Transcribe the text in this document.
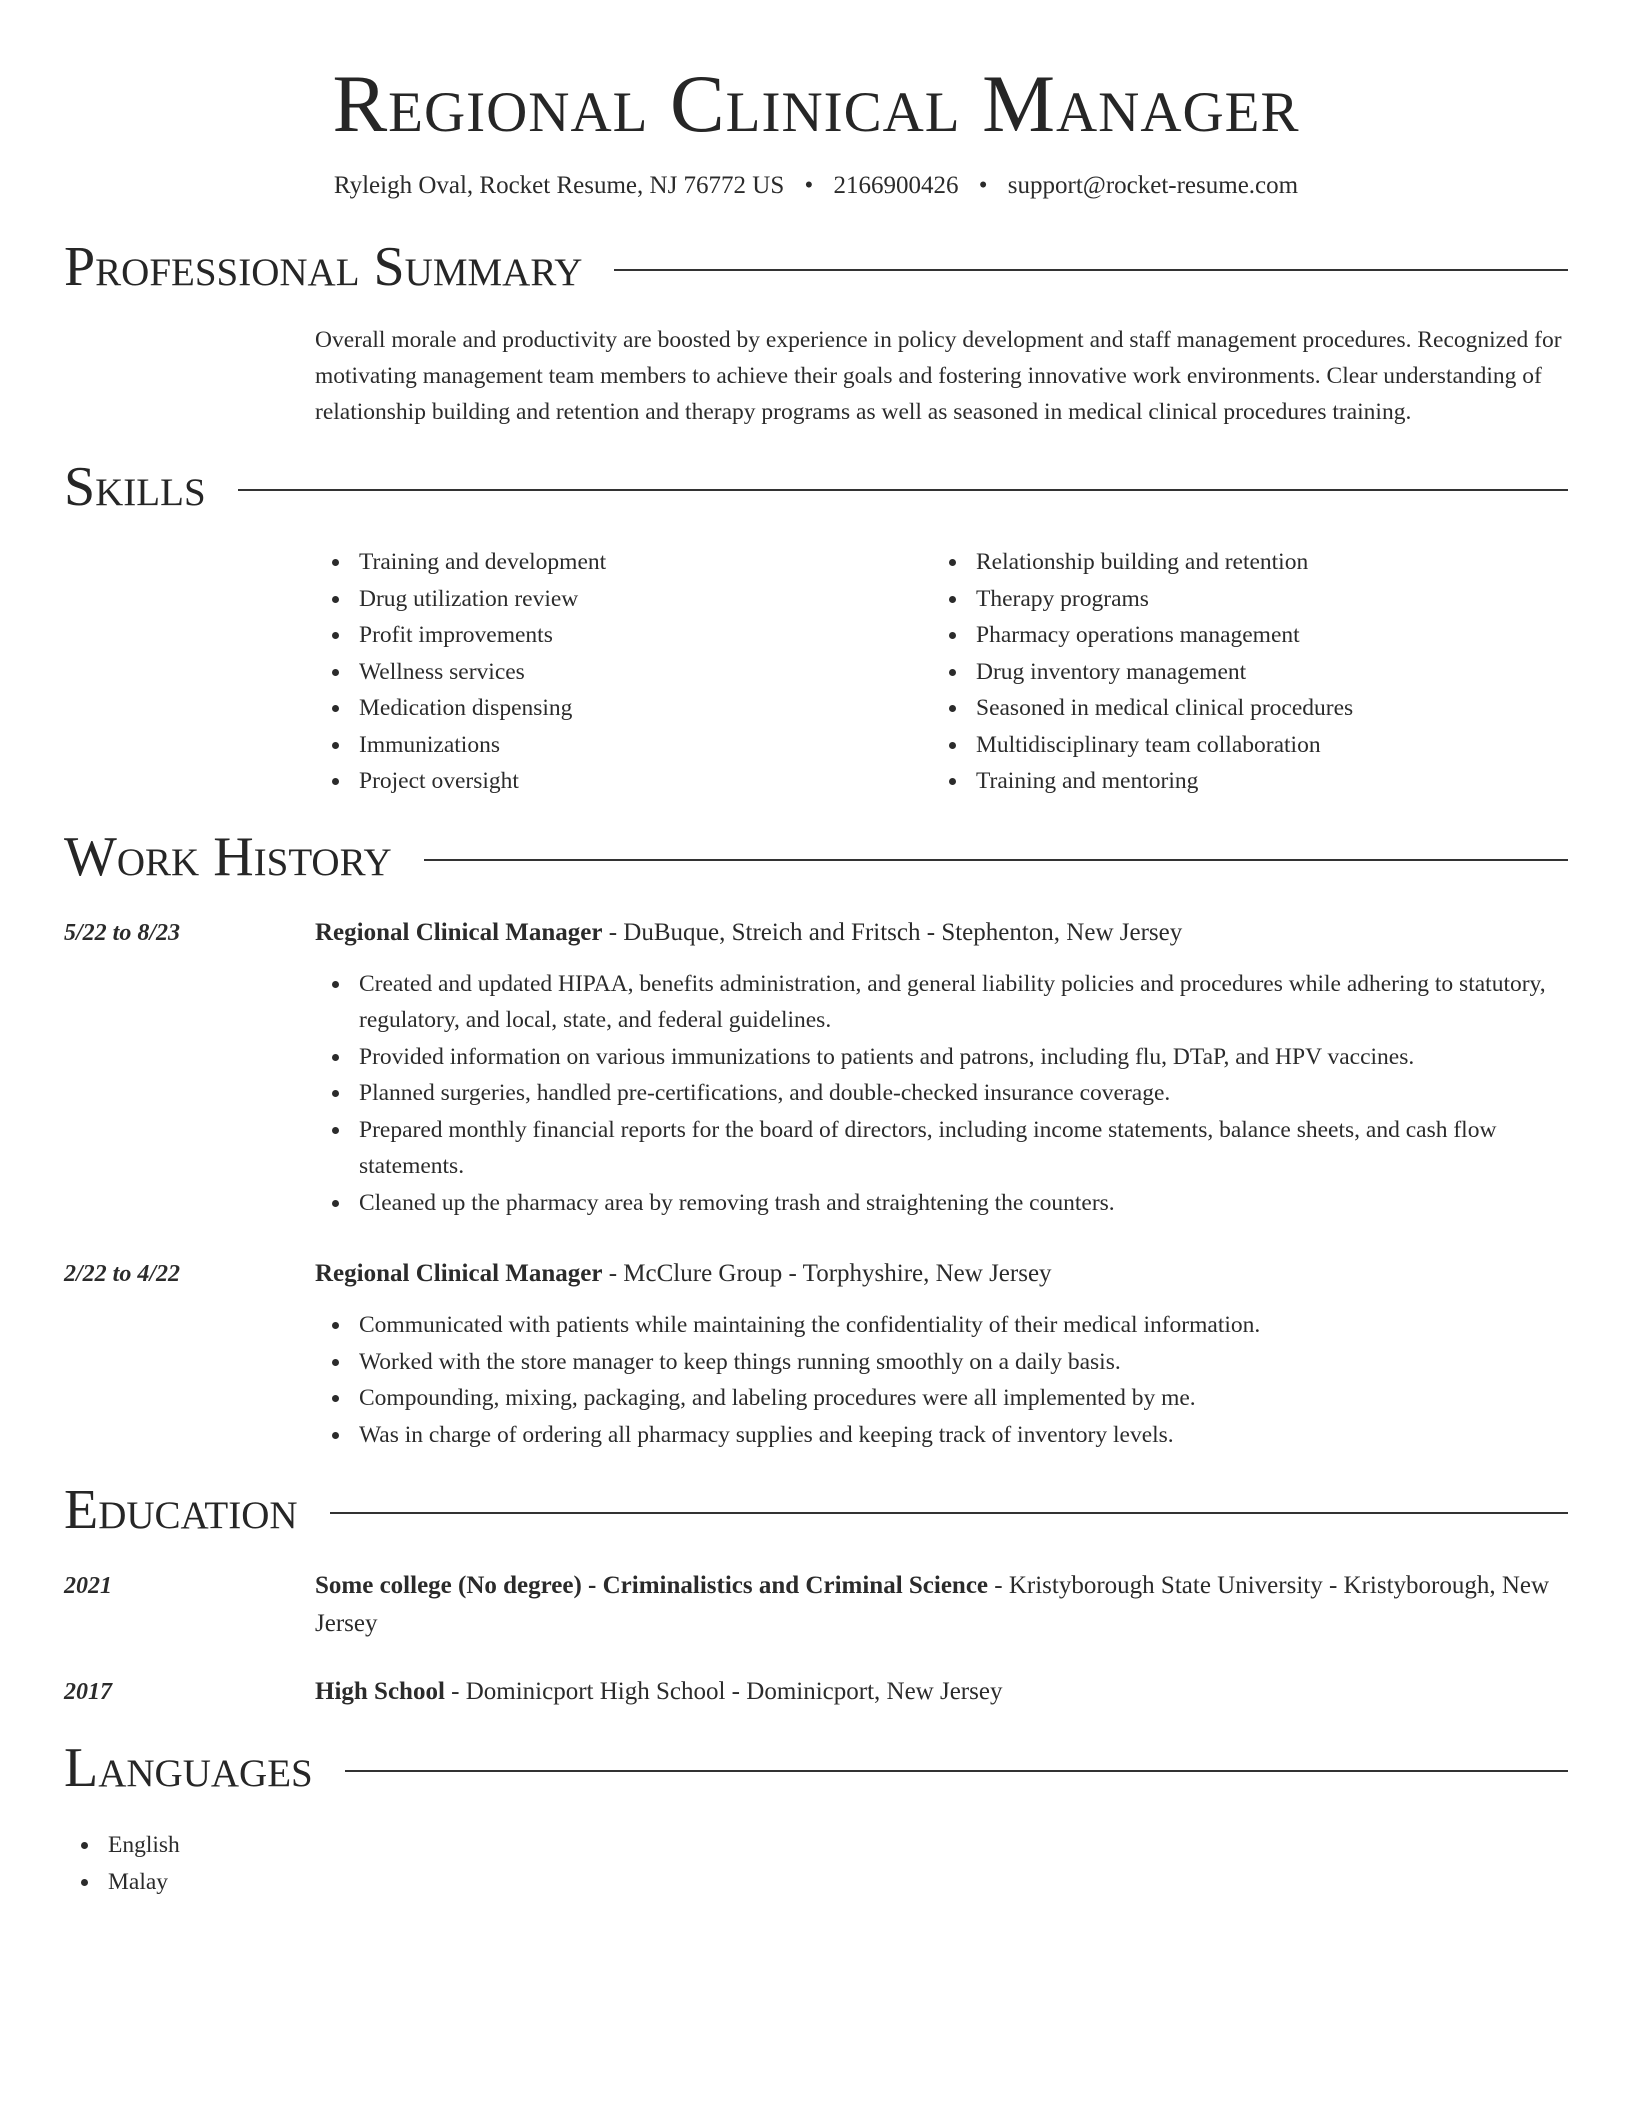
Regional Clinical Manager
Ryleigh Oval, Rocket Resume, NJ 76772 US • 2166900426 • support@rocket-resume.com
Professional Summary
Overall morale and productivity are boosted by experience in policy development and staff management procedures. Recognized for motivating management team members to achieve their goals and fostering innovative work environments. Clear understanding of relationship building and retention and therapy programs as well as seasoned in medical clinical procedures training.
Skills
Training and development
Drug utilization review
Profit improvements
Wellness services
Medication dispensing
Immunizations
Project oversight
Relationship building and retention
Therapy programs
Pharmacy operations management
Drug inventory management
Seasoned in medical clinical procedures
Multidisciplinary team collaboration
Training and mentoring
Work History
5/22 to 8/23	Regional Clinical Manager - DuBuque, Streich and Fritsch - Stephenton, New Jersey
Created and updated HIPAA, benefits administration, and general liability policies and procedures while adhering to statutory, regulatory, and local, state, and federal guidelines.
Provided information on various immunizations to patients and patrons, including flu, DTaP, and HPV vaccines.
Planned surgeries, handled pre-certifications, and double-checked insurance coverage.
Prepared monthly financial reports for the board of directors, including income statements, balance sheets, and cash flow statements.
Cleaned up the pharmacy area by removing trash and straightening the counters.
2/22 to 4/22	Regional Clinical Manager - McClure Group - Torphyshire, New Jersey
Communicated with patients while maintaining the confidentiality of their medical information.
Worked with the store manager to keep things running smoothly on a daily basis.
Compounding, mixing, packaging, and labeling procedures were all implemented by me.
Was in charge of ordering all pharmacy supplies and keeping track of inventory levels.
Education
2021	Some college (No degree) - Criminalistics and Criminal Science - Kristyborough State University - Kristyborough, New Jersey
2017	High School - Dominicport High School - Dominicport, New Jersey
Languages
English
Malay
